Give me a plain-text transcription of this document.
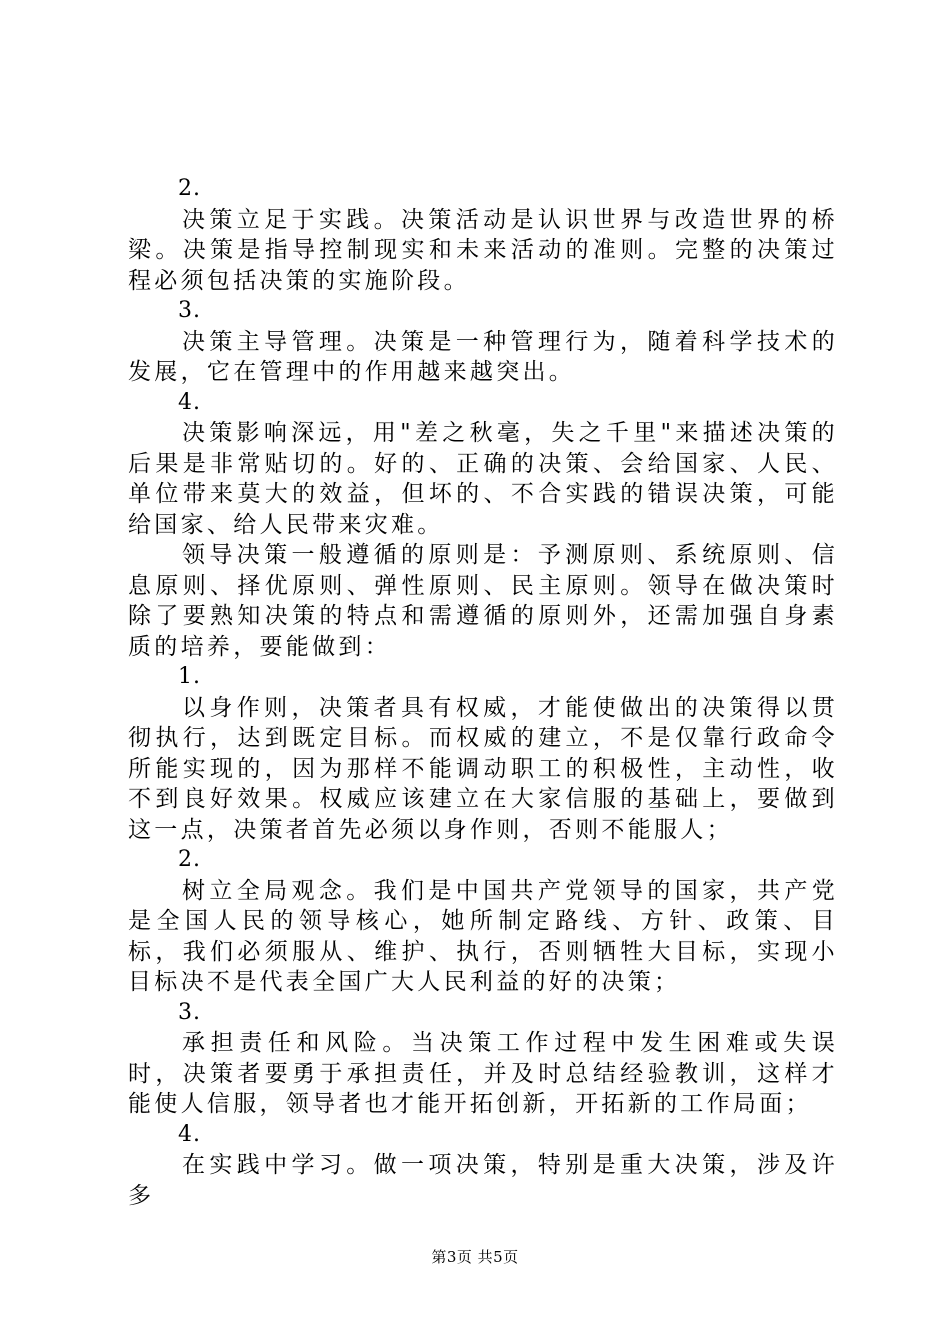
2.
决策立足于实践。决策活动是认识世界与改造世界的桥梁。决策是指导控制现实和未来活动的准则。完整的决策过程必须包括决策的实施阶段。
3.
决策主导管理。决策是一种管理行为，随着科学技术的发展，它在管理中的作用越来越突出。
4.
决策影响深远，用"差之秋毫，失之千里"来描述决策的后果是非常贴切的。好的、正确的决策、会给国家、人民、单位带来莫大的效益，但坏的、不合实践的错误决策，可能给国家、给人民带来灾难。
领导决策一般遵循的原则是：予测原则、系统原则、信息原则、择优原则、弹性原则、民主原则。领导在做决策时除了要熟知决策的特点和需遵循的原则外，还需加强自身素质的培养，要能做到：
1.
以身作则，决策者具有权威，才能使做出的决策得以贯彻执行，达到既定目标。而权威的建立，不是仅靠行政命令所能实现的，因为那样不能调动职工的积极性，主动性，收不到良好效果。权威应该建立在大家信服的基础上，要做到这一点，决策者首先必须以身作则，否则不能服人；
2.
树立全局观念。我们是中国共产党领导的国家，共产党是全国人民的领导核心，她所制定路线、方针、政策、目标，我们必须服从、维护、执行，否则牺牲大目标，实现小目标决不是代表全国广大人民利益的好的决策；
3.
承担责任和风险。当决策工作过程中发生困难或失误时，决策者要勇于承担责任，并及时总结经验教训，这样才能使人信服，领导者也才能开拓创新，开拓新的工作局面；
4.
在实践中学习。做一项决策，特别是重大决策，涉及许多
第3页 共5页
